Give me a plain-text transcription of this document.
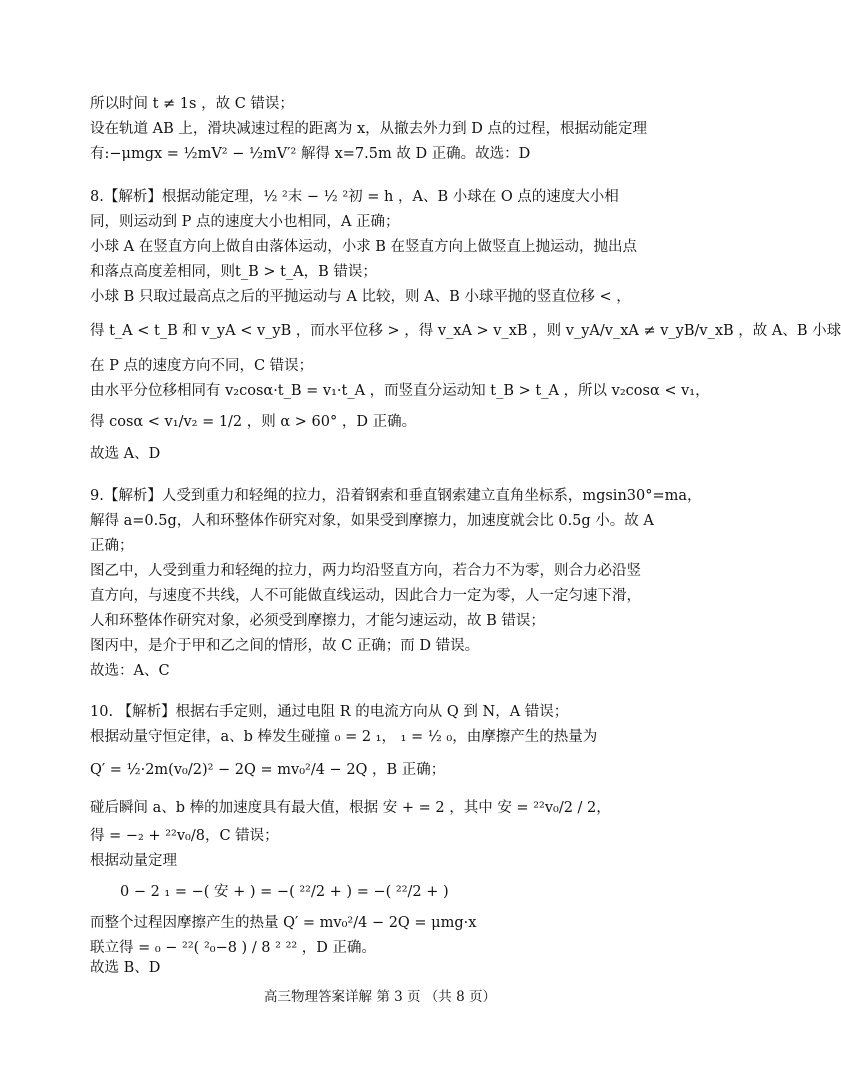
所以时间 t ≠ 1s ，故 C 错误；
设在轨道 AB 上，滑块减速过程的距离为 x，从撤去外力到 D 点的过程，根据动能定理
有:−μmgx = ½mV² − ½mV′² 解得 x=7.5m 故 D 正确。故选：D
8.【解析】根据动能定理，½ ²末 − ½ ²初 = h ，A、B 小球在 O 点的速度大小相
同，则运动到 P 点的速度大小也相同，A 正确；
小球 A 在竖直方向上做自由落体运动，小求 B 在竖直方向上做竖直上抛运动，抛出点
和落点高度差相同，则t_B > t_A，B 错误；
小球 B 只取过最高点之后的平抛运动与 A 比较，则 A、B 小球平抛的竖直位移 < ，
得 t_A < t_B 和 v_yA < v_yB ，而水平位移 > ，得 v_xA > v_xB ，则 v_yA/v_xA ≠ v_yB/v_xB ，故 A、B 小球
在 P 点的速度方向不同，C 错误；
由水平分位移相同有 v₂cosα·t_B = v₁·t_A ，而竖直分运动知 t_B > t_A ，所以 v₂cosα < v₁，
得 cosα < v₁/v₂ = 1/2 ，则 α > 60° ，D 正确。
故选 A、D
9.【解析】人受到重力和轻绳的拉力，沿着钢索和垂直钢索建立直角坐标系，mgsin30°=ma，
解得 a=0.5g，人和环整体作研究对象，如果受到摩擦力，加速度就会比 0.5g 小。故 A
正确；
图乙中，人受到重力和轻绳的拉力，两力均沿竖直方向，若合力不为零，则合力必沿竖
直方向，与速度不共线，人不可能做直线运动，因此合力一定为零，人一定匀速下滑，
人和环整体作研究对象，必须受到摩擦力，才能匀速运动，故 B 错误；
图丙中，是介于甲和乙之间的情形，故 C 正确；而 D 错误。
故选：A、C
10. 【解析】根据右手定则，通过电阻 R 的电流方向从 Q 到 N，A 错误；
根据动量守恒定律，a、b 棒发生碰撞 ₀ = 2 ₁， ₁ = ½ ₀，由摩擦产生的热量为
Q′ = ½·2m(v₀/2)² − 2Q = mv₀²/4 − 2Q ，B 正确；
碰后瞬间 a、b 棒的加速度具有最大值，根据 安 + = 2 ，其中 安 = ²²v₀/2 / 2，
得 = −₂ + ²²v₀/8，C 错误；
根据动量定理
0 − 2 ₁ = −( 安 + ) = −( ²²/2 + ) = −( ²²/2 + )
而整个过程因摩擦产生的热量 Q′ = mv₀²/4 − 2Q = μmg·x
联立得 = ₀ − ²²( ²₀−8 ) / 8 ² ²² ，D 正确。
故选 B、D
高三物理答案详解 第 3 页 （共 8 页）
